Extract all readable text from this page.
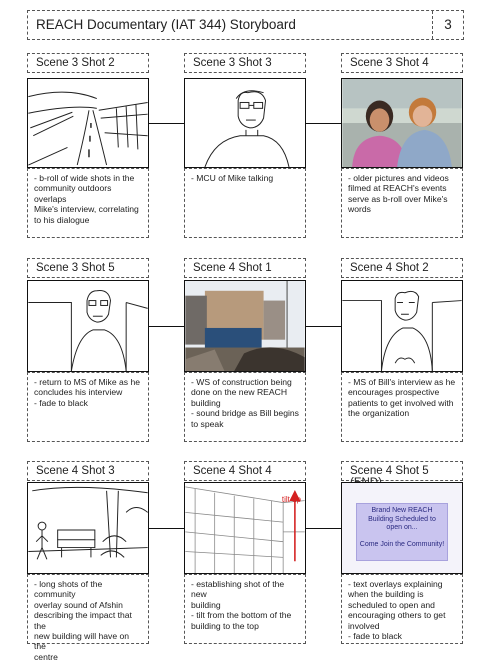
REACH Documentary (IAT 344) Storyboard	3
Scene 3 Shot 2	Scene 3 Shot 3	Scene 3 Shot 4
- b-roll of wide shots in the
community outdoors overlaps
Mike's interview, correlating
to his dialogue
- MCU of Mike talking	- older pictures and videos
filmed at REACH's events
serve as b-roll over Mike's
words
Scene 3 Shot 5	Scene 4 Shot 1	Scene 4 Shot 2
- return to MS of Mike as he
concludes his interview
- fade to black
- WS of construction being
done on the new REACH
building
- sound bridge as Bill begins
to speak
- MS of Bill's interview as he
encourages prospective
patients to get involved with
the organization
Scene 4 Shot 3	Scene 4 Shot 4	Scene 4 Shot 5
tilt up
Brand New REACH
Building Scheduled to
open on...
Come Join the Community!
- long shots of the community
overlay sound of Afshin
describing the impact that the
new building will have on the
centre
- establishing shot of the new
building
- tilt from the bottom of the
building to the top
- text overlays explaining
when the building is
scheduled to open and
encouraging others to get
involved
- fade to black
